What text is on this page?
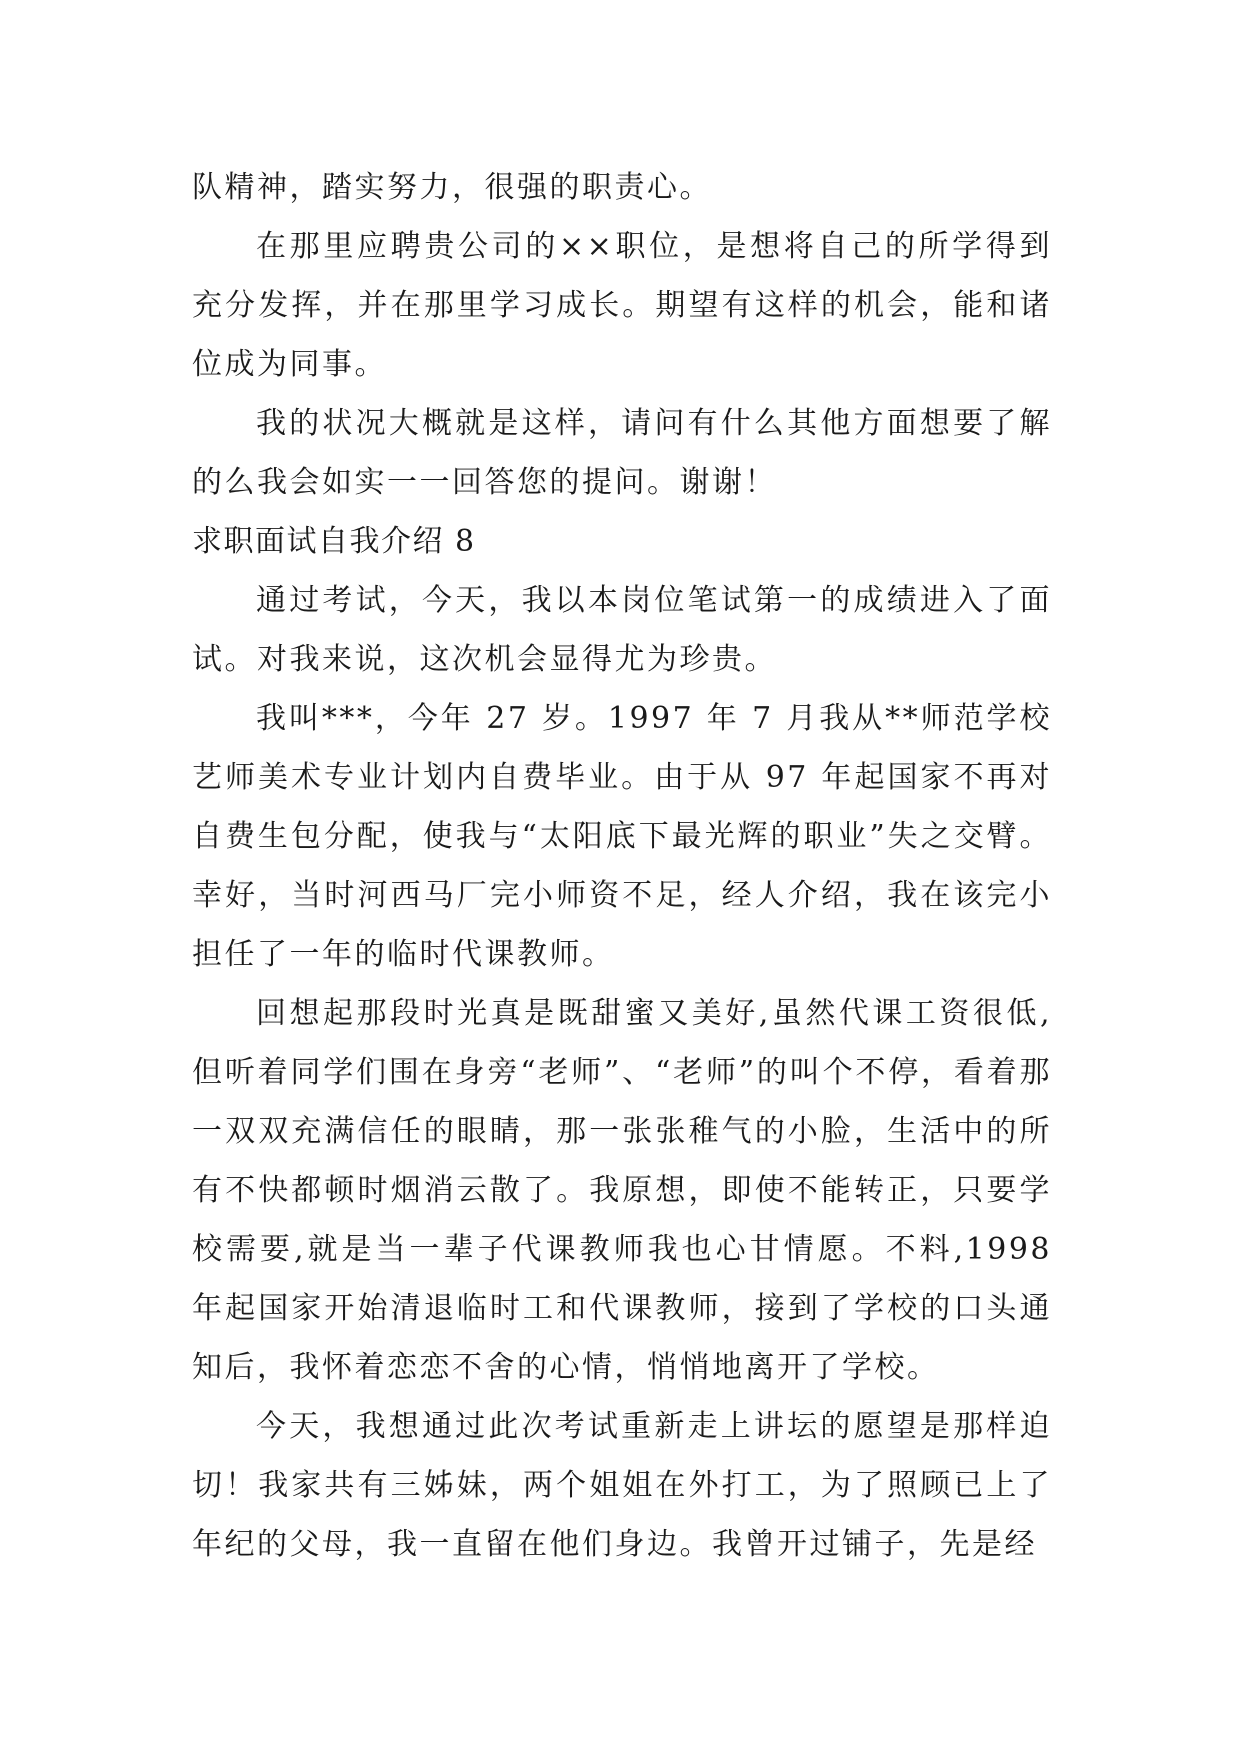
队精神，踏实努力，很强的职责心。

在那里应聘贵公司的××职位，是想将自己的所学得到充分发挥，并在那里学习成长。期望有这样的机会，能和诸位成为同事。

我的状况大概就是这样，请问有什么其他方面想要了解的么我会如实一一回答您的提问。谢谢！

求职面试自我介绍 8

通过考试，今天，我以本岗位笔试第一的成绩进入了面试。对我来说，这次机会显得尤为珍贵。

我叫***，今年 27 岁。1997 年 7 月我从**师范学校艺师美术专业计划内自费毕业。由于从 97 年起国家不再对自费生包分配，使我与“太阳底下最光辉的职业”失之交臂。幸好，当时河西马厂完小师资不足，经人介绍，我在该完小担任了一年的临时代课教师。

回想起那段时光真是既甜蜜又美好,虽然代课工资很低,但听着同学们围在身旁“老师”、“老师”的叫个不停，看着那一双双充满信任的眼睛，那一张张稚气的小脸，生活中的所有不快都顿时烟消云散了。我原想，即使不能转正，只要学校需要,就是当一辈子代课教师我也心甘情愿。不料,1998 年起国家开始清退临时工和代课教师，接到了学校的口头通知后，我怀着恋恋不舍的心情，悄悄地离开了学校。

今天，我想通过此次考试重新走上讲坛的愿望是那样迫切！我家共有三姊妹，两个姐姐在外打工，为了照顾已上了年纪的父母，我一直留在他们身边。我曾开过铺子，先是经
